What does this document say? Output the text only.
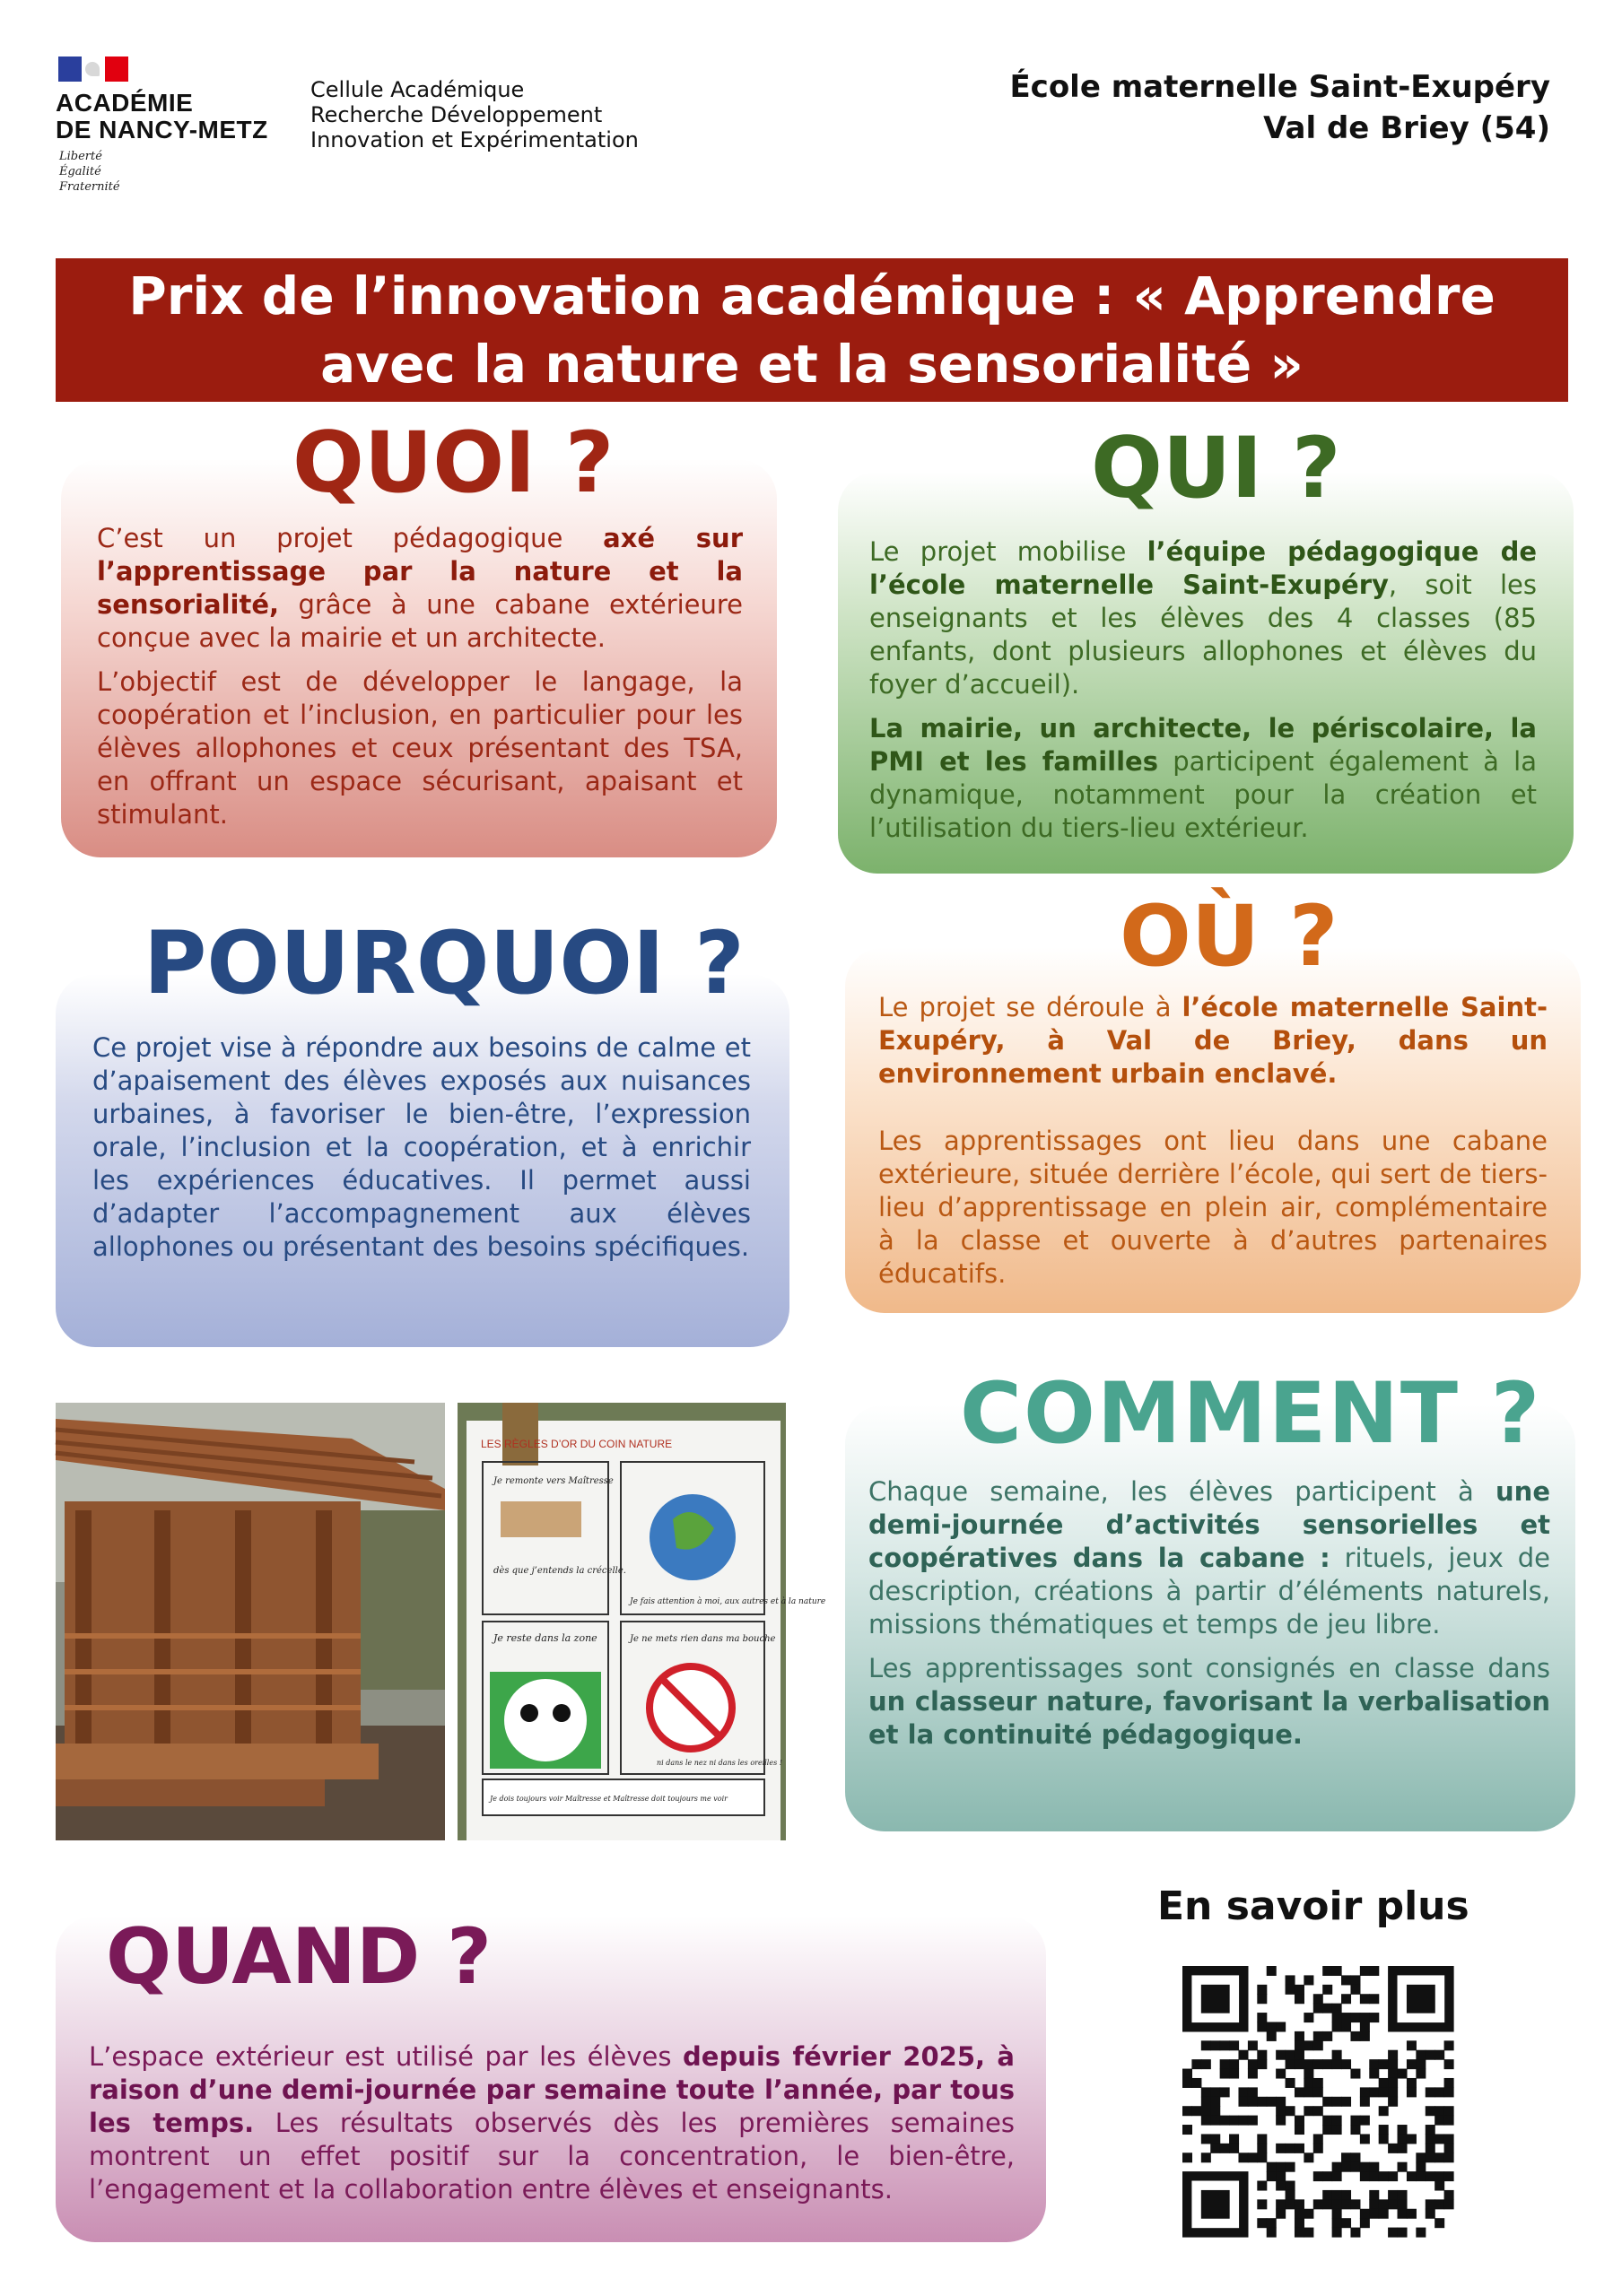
ACADÉMIE
DE NANCY-METZ
Liberté
Égalité
Fraternité
Cellule Académique
Recherche Développement
Innovation et Expérimentation
École maternelle Saint-Exupéry
Val de Briey (54)
Prix de l’innovation académique : « Apprendre avec la nature et la sensorialité »
QUOI ?

C’est un projet pédagogique axé sur l’apprentissage par la nature et la sensorialité, grâce à une cabane extérieure conçue avec la mairie et un architecte.

L’objectif est de développer le langage, la coopération et l’inclusion, en particulier pour les élèves allophones et ceux présentant des TSA, en offrant un espace sécurisant, apaisant et stimulant.

QUI ?

Le projet mobilise l’équipe pédagogique de l’école maternelle Saint-Exupéry, soit les enseignants et les élèves des 4 classes (85 enfants, dont plusieurs allophones et élèves du foyer d’accueil).

La mairie, un architecte, le périscolaire, la PMI et les familles participent également à la dynamique, notamment pour la création et l’utilisation du tiers-lieu extérieur.

POURQUOI ?

Ce projet vise à répondre aux besoins de calme et d’apaisement des élèves exposés aux nuisances urbaines, à favoriser le bien-être, l’expression orale, l’inclusion et la coopération, et à enrichir les expériences éducatives. Il permet aussi d’adapter l’accompagnement aux élèves allophones ou présentant des besoins spécifiques.

OÙ ?

Le projet se déroule à l’école maternelle Saint-Exupéry, à Val de Briey, dans un environnement urbain enclavé.

Les apprentissages ont lieu dans une cabane extérieure, située derrière l’école, qui sert de tiers-lieu d’apprentissage en plein air, complémentaire à la classe et ouverte à d’autres partenaires éducatifs.

LES RÈGLES D’OR DU COIN NATURE
Je remonte vers Maîtresse
dès que j’entends la crécelle.
Je fais attention à moi, aux autres et à la nature
Je reste dans la zone	Je ne mets rien dans ma bouche
ni dans le nez ni dans les oreilles !
Je dois toujours voir Maîtresse et Maîtresse doit toujours me voir
COMMENT ?

Chaque semaine, les élèves participent à une demi-journée d’activités sensorielles et coopératives dans la cabane : rituels, jeux de description, créations à partir d’éléments naturels, missions thématiques et temps de jeu libre.

Les apprentissages sont consignés en classe dans un classeur nature, favorisant la verbalisation et la continuité pédagogique.

QUAND ?

L’espace extérieur est utilisé par les élèves depuis février 2025, à raison d’une demi-journée par semaine toute l’année, par tous les temps. Les résultats observés dès les premières semaines montrent un effet positif sur la concentration, le bien-être, l’engagement et la collaboration entre élèves et enseignants.

En savoir plus
